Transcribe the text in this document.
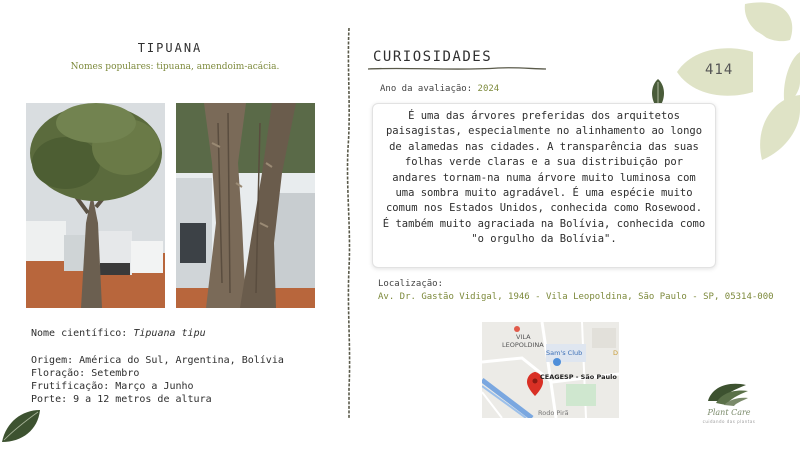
414
TIPUANA
Nomes populares: tipuana, amendoim-acácia.
Nome científico: Tipuana tipu
Origem: América do Sul, Argentina, Bolívia
Floração: Setembro
Frutificação: Março a Junho
Porte: 9 a 12 metros de altura
CURIOSIDADES
Ano da avaliação: 2024

É uma das árvores preferidas dos arquitetos paisagistas, especialmente no alinhamento ao longo de alamedas nas cidades. A transparência das suas folhas verde claras e a sua distribuição por andares tornam-na numa árvore muito luminosa com uma sombra muito agradável. É uma espécie muito comum nos Estados Unidos, conhecida como Rosewood. É também muito agraciada na Bolívia, conhecida como "o orgulho da Bolívia".

Localização:
Av. Dr. Gastão Vidigal, 1946 - Vila Leopoldina, São Paulo - SP, 05314-000
VILA
LEOPOLDINA
Sam's Club
CEAGESP - São Paulo
Rodo Pirã
D
Plant Care
cuidando das plantas
